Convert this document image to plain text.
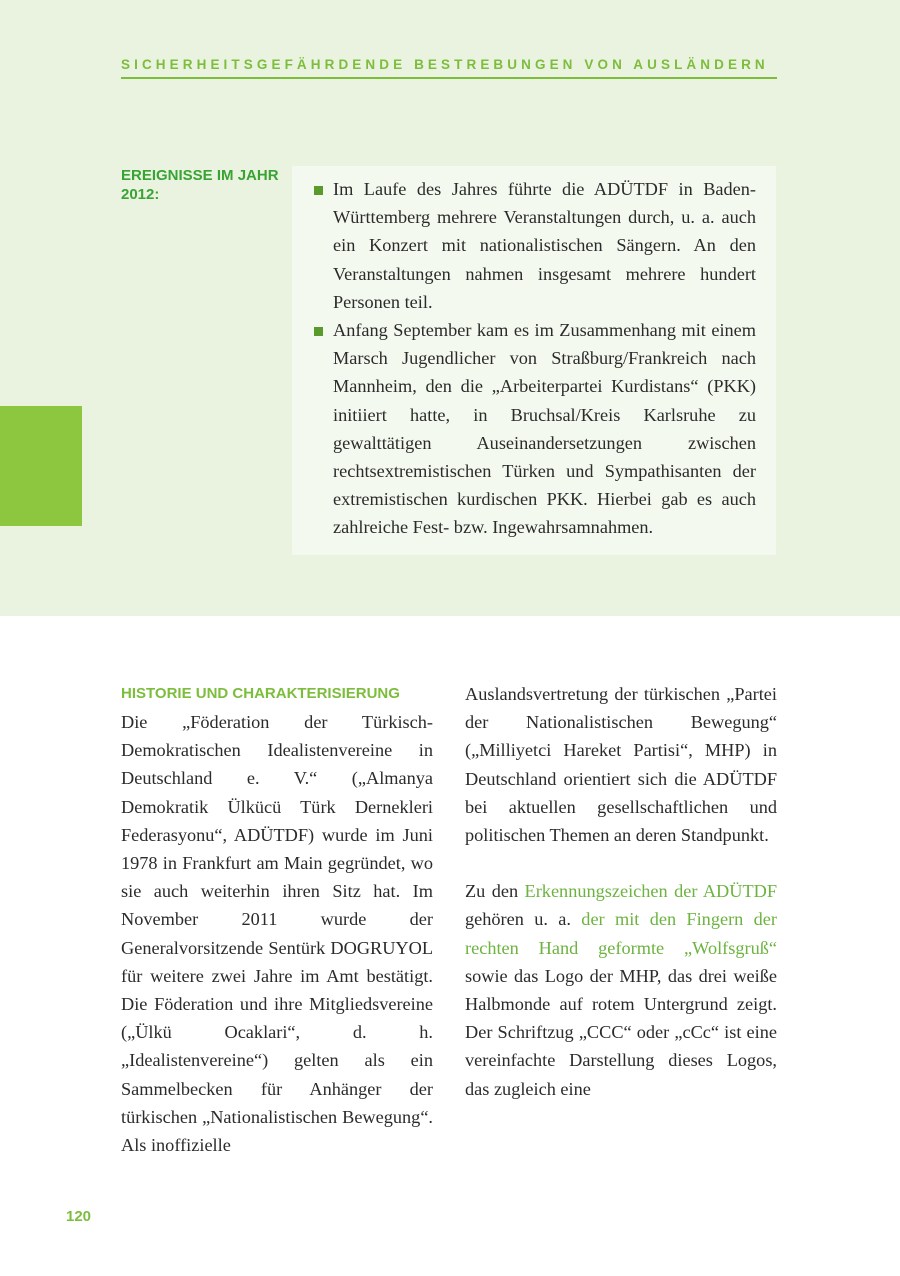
SICHERHEITSGEFÄHRDENDE BESTREBUNGEN VON AUSLÄNDERN
EREIGNISSE IM JAHR 2012:	Im Laufe des Jahres führte die ADÜTDF in Baden-Württemberg mehrere Veranstaltungen durch, u. a. auch ein Konzert mit nationalistischen Sängern. An den Veranstaltungen nahmen insgesamt mehrere hundert Personen teil.
Anfang September kam es im Zusammenhang mit einem Marsch Jugendlicher von Straßburg/Frankreich nach Mannheim, den die „Arbeiterpartei Kurdistans“ (PKK) initiiert hatte, in Bruchsal/Kreis Karlsruhe zu gewalttätigen Auseinandersetzungen zwischen rechtsextremistischen Türken und Sympathisanten der extremistischen kurdischen PKK. Hierbei gab es auch zahlreiche Fest- bzw. Ingewahrsamnahmen.
HISTORIE UND CHARAKTERISIERUNG

Die „Föderation der Türkisch-Demokratischen Idealistenvereine in Deutschland e. V.“ („Almanya Demokratik Ülkücü Türk Dernekleri Federasyonu“, ADÜTDF) wurde im Juni 1978 in Frankfurt am Main gegründet, wo sie auch weiterhin ihren Sitz hat. Im November 2011 wurde der Generalvorsitzende Sentürk DOGRUYOL für weitere zwei Jahre im Amt bestätigt. Die Föderation und ihre Mitgliedsvereine („Ülkü Ocaklari“, d. h. „Idealistenvereine“) gelten als ein Sammelbecken für Anhänger der türkischen „Nationalistischen Bewegung“. Als inoffizielle

Auslandsvertretung der türkischen „Partei der Nationalistischen Bewegung“ („Milliyetci Hareket Partisi“, MHP) in Deutschland orientiert sich die ADÜTDF bei aktuellen gesellschaftlichen und politischen Themen an deren Standpunkt.

Zu den Erkennungszeichen der ADÜTDF gehören u. a. der mit den Fingern der rechten Hand geformte „Wolfsgruß“ sowie das Logo der MHP, das drei weiße Halbmonde auf rotem Untergrund zeigt. Der Schriftzug „CCC“ oder „cCc“ ist eine vereinfachte Darstellung dieses Logos, das zugleich eine

120
